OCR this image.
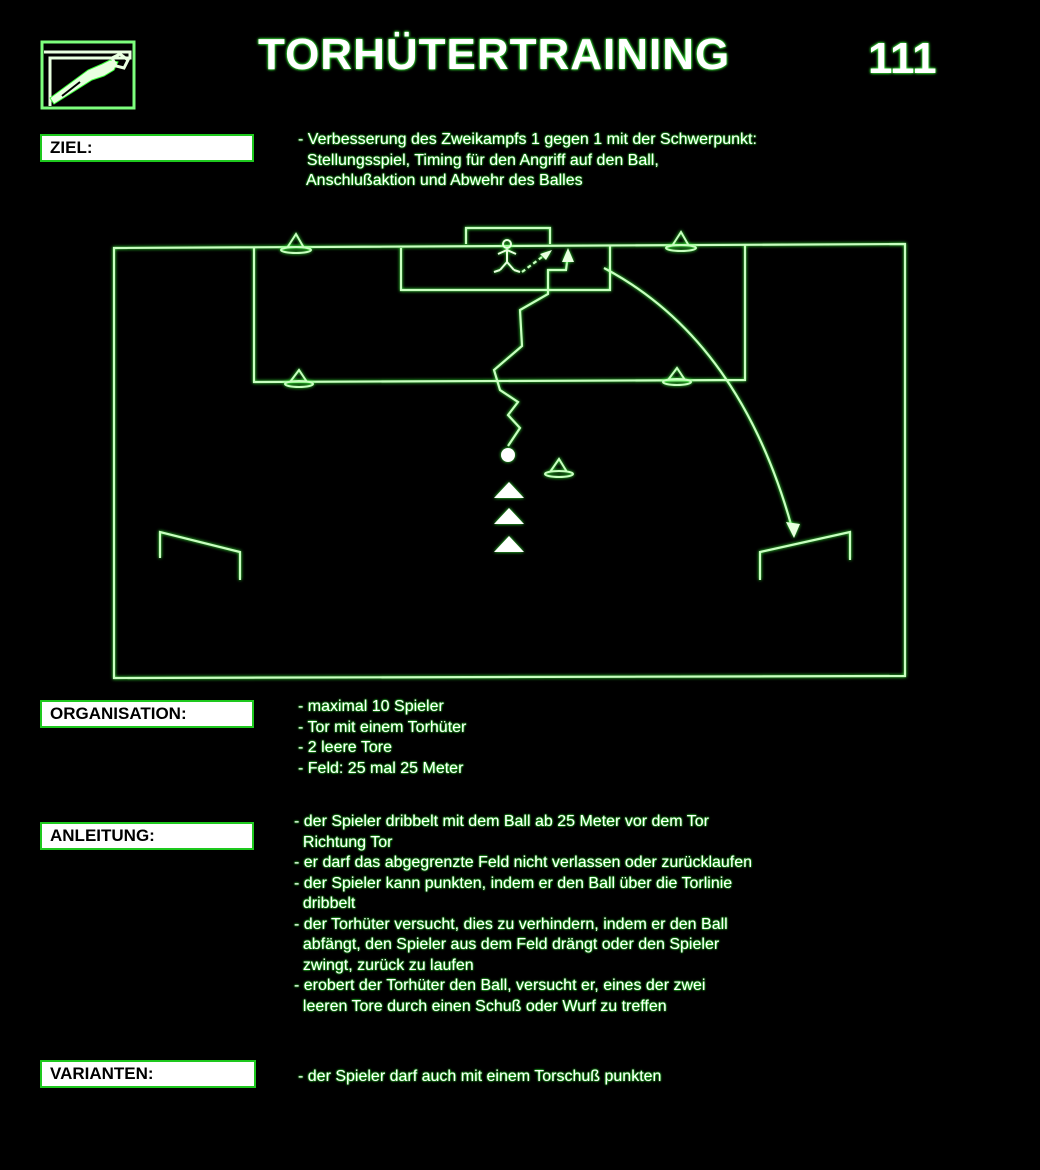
TORHÜTERTRAINING	111
ZIEL:	- Verbesserung des Zweikampfs 1 gegen 1 mit der Schwerpunkt:
Stellungsspiel, Timing für den Angriff auf den Ball,
Anschlußaktion und Abwehr des Balles
ORGANISATION:	- maximal 10 Spieler
- Tor mit einem Torhüter
- 2 leere Tore
- Feld: 25 mal 25 Meter
ANLEITUNG:
- der Spieler dribbelt mit dem Ball ab 25 Meter vor dem Tor
Richtung Tor
- er darf das abgegrenzte Feld nicht verlassen oder zurücklaufen
- der Spieler kann punkten, indem er den Ball über die Torlinie
dribbelt
- der Torhüter versucht, dies zu verhindern, indem er den Ball
abfängt, den Spieler aus dem Feld drängt oder den Spieler
zwingt, zurück zu laufen
- erobert der Torhüter den Ball, versucht er, eines der zwei
leeren Tore durch einen Schuß oder Wurf zu treffen
VARIANTEN:	- der Spieler darf auch mit einem Torschuß punkten
